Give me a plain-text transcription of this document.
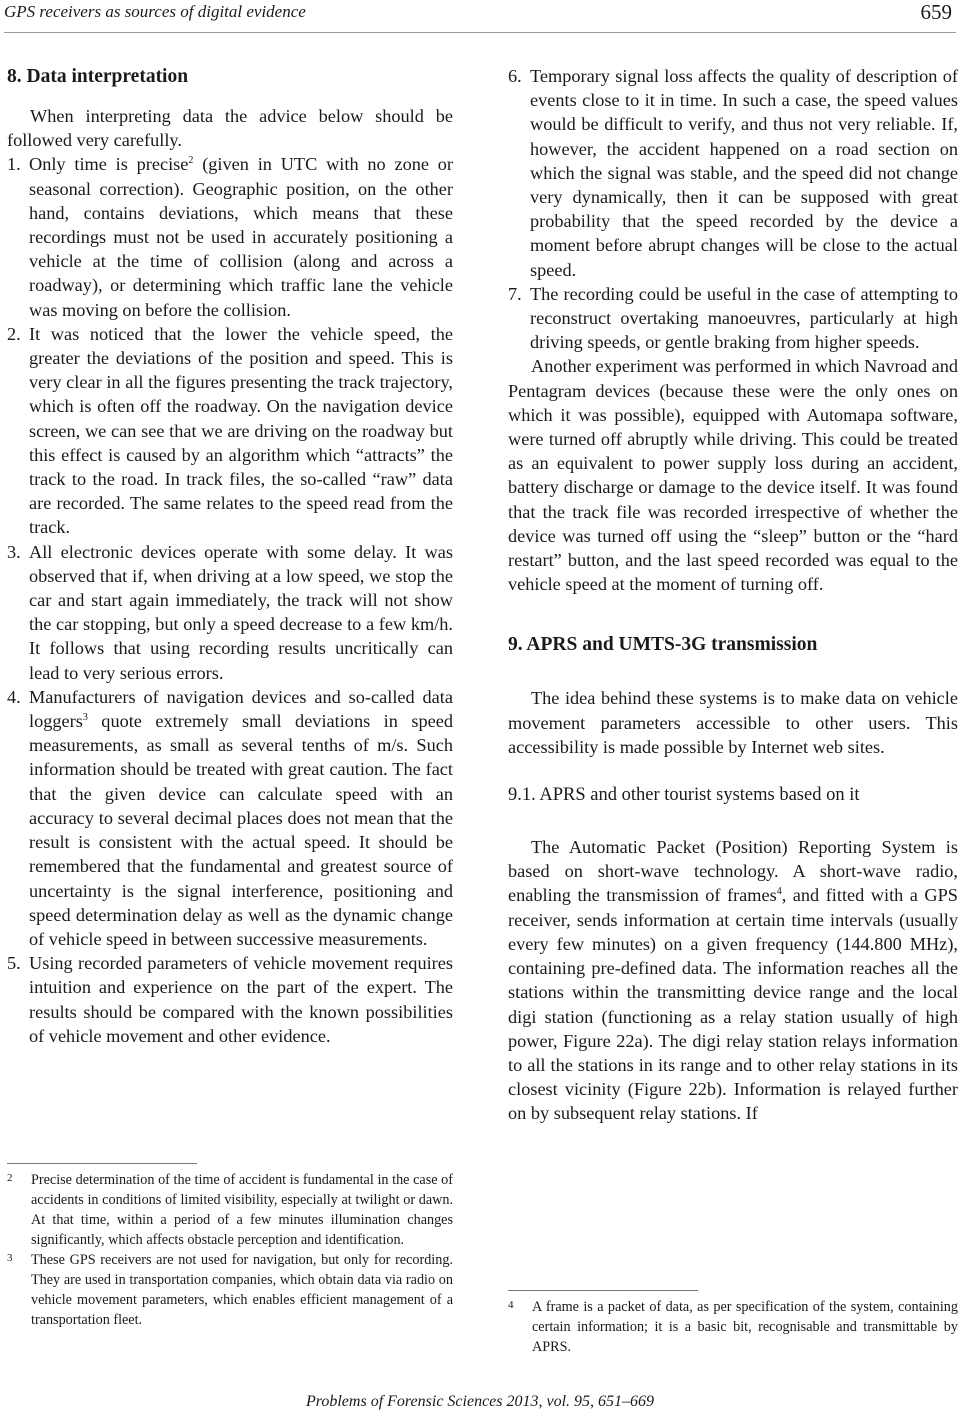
GPS receivers as sources of digital evidence	659
8. Data interpretation

When interpreting data the advice below should be followed very carefully.

1. Only time is precise$^2$ (given in UTC with no zone or seasonal correction). Geographic position, on the other hand, contains deviations, which means that these recordings must not be used in accurately positioning a vehicle at the time of collision (along and across a roadway), or determining which traffic lane the vehicle was moving on before the collision.
2. It was noticed that the lower the vehicle speed, the greater the deviations of the position and speed. This is very clear in all the figures presenting the track trajectory, which is often off the roadway. On the navigation device screen, we can see that we are driving on the roadway but this effect is caused by an algorithm which “attracts” the track to the road. In track files, the so-called “raw” data are recorded. The same relates to the speed read from the track.
3. All electronic devices operate with some delay. It was observed that if, when driving at a low speed, we stop the car and start again immediately, the track will not show the car stopping, but only a speed decrease to a few km/h. It follows that using recording results uncritically can lead to very serious errors.
4. Manufacturers of navigation devices and so-called data loggers$^3$ quote extremely small deviations in speed measurements, as small as several tenths of m/s. Such information should be treated with great caution. The fact that the given device can calculate speed with an accuracy to several decimal places does not mean that the result is consistent with the actual speed. It should be remembered that the fundamental and greatest source of uncertainty is the signal interference, positioning and speed determination delay as well as the dynamic change of vehicle speed in between successive measurements.
5. Using recorded parameters of vehicle movement requires intuition and experience on the part of the expert. The results should be compared with the known possibilities of vehicle movement and other evidence.
2	Precise determination of the time of accident is fundamental in the case of accidents in conditions of limited visibility, especially at twilight or dawn. At that time, within a period of a few minutes illumination changes significantly, which affects obstacle perception and identification.
3	These GPS receivers are not used for navigation, but only for recording. They are used in transportation companies, which obtain data via radio on vehicle movement parameters, which enables efficient management of a transportation fleet.
6. Temporary signal loss affects the quality of description of events close to it in time. In such a case, the speed values would be difficult to verify, and thus not very reliable. If, however, the accident happened on a road section on which the signal was stable, and the speed did not change very dynamically, then it can be supposed with great probability that the speed recorded by the device a moment before abrupt changes will be close to the actual speed.
7. The recording could be useful in the case of attempting to reconstruct overtaking manoeuvres, particularly at high driving speeds, or gentle braking from higher speeds.

Another experiment was performed in which Navroad and Pentagram devices (because these were the only ones on which it was possible), equipped with Automapa software, were turned off abruptly while driving. This could be treated as an equivalent to power supply loss during an accident, battery discharge or damage to the device itself. It was found that the track file was recorded irrespective of whether the device was turned off using the “sleep” button or the “hard restart” button, and the last speed recorded was equal to the vehicle speed at the moment of turning off.

9. APRS and UMTS-3G transmission

The idea behind these systems is to make data on vehicle movement parameters accessible to other users. This accessibility is made possible by Internet web sites.

9.1. APRS and other tourist systems based on it

The Automatic Packet (Position) Reporting System is based on short-wave technology. A short-wave radio, enabling the transmission of frames$^4$, and fitted with a GPS receiver, sends information at certain time intervals (usually every few minutes) on a given frequency (144.800 MHz), containing pre-defined data. The information reaches all the stations within the transmitting device range and the local digi station (functioning as a relay station usually of high power, Figure 22a). The digi relay station relays information to all the stations in its range and to other relay stations in its closest vicinity (Figure 22b). Information is relayed further on by subsequent relay stations. If

4	A frame is a packet of data, as per specification of the system, containing certain information; it is a basic bit, recognisable and transmittable by APRS.
Problems of Forensic Sciences 2013, vol. 95, 651–669
